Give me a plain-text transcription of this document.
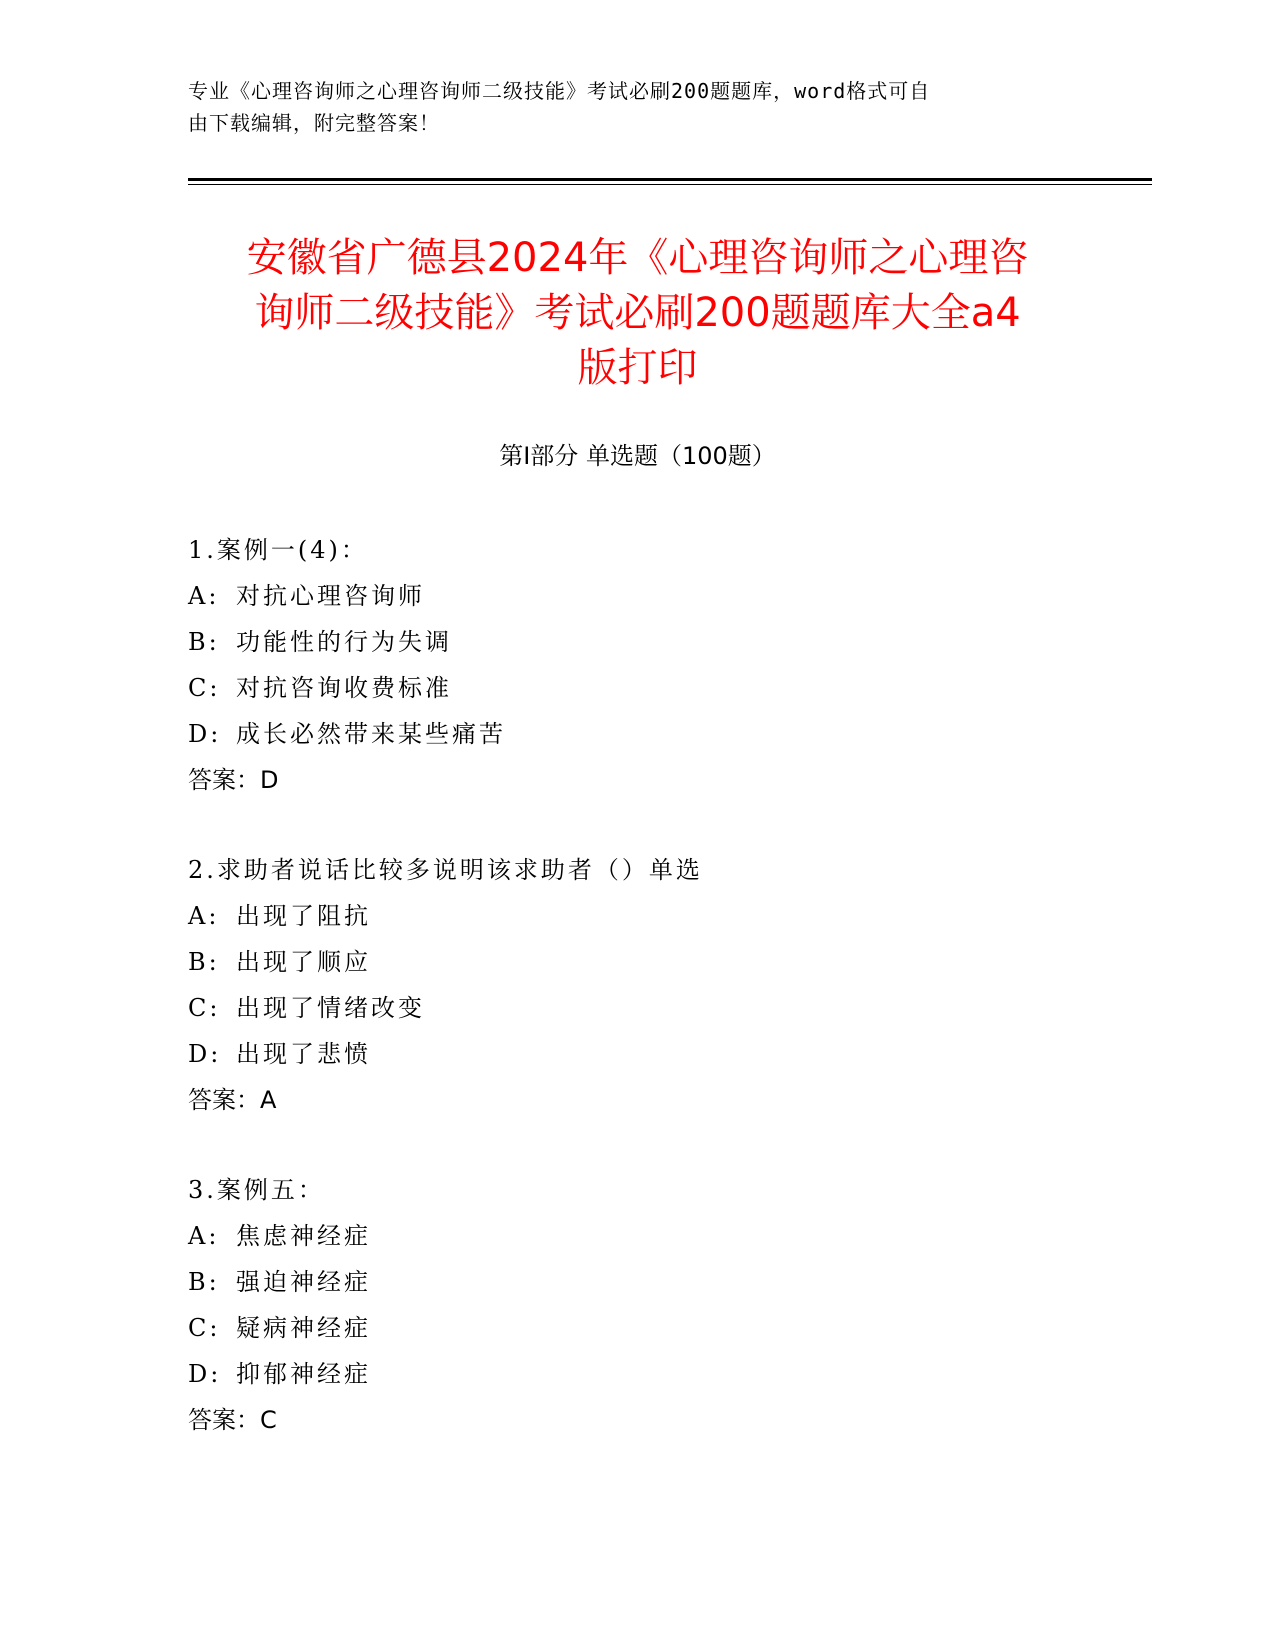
专业《心理咨询师之心理咨询师二级技能》考试必刷200题题库，word格式可自
由下载编辑，附完整答案！
安徽省广德县2024年《心理咨询师之心理咨
询师二级技能》考试必刷200题题库大全a4
版打印
第I部分 单选题（100题）
1.案例一(4)：
A: 对抗心理咨询师
B: 功能性的行为失调
C: 对抗咨询收费标准
D: 成长必然带来某些痛苦
答案：D
2.求助者说话比较多说明该求助者（）单选
A: 出现了阻抗
B: 出现了顺应
C: 出现了情绪改变
D: 出现了悲愤
答案：A
3.案例五：
A: 焦虑神经症
B: 强迫神经症
C: 疑病神经症
D: 抑郁神经症
答案：C
